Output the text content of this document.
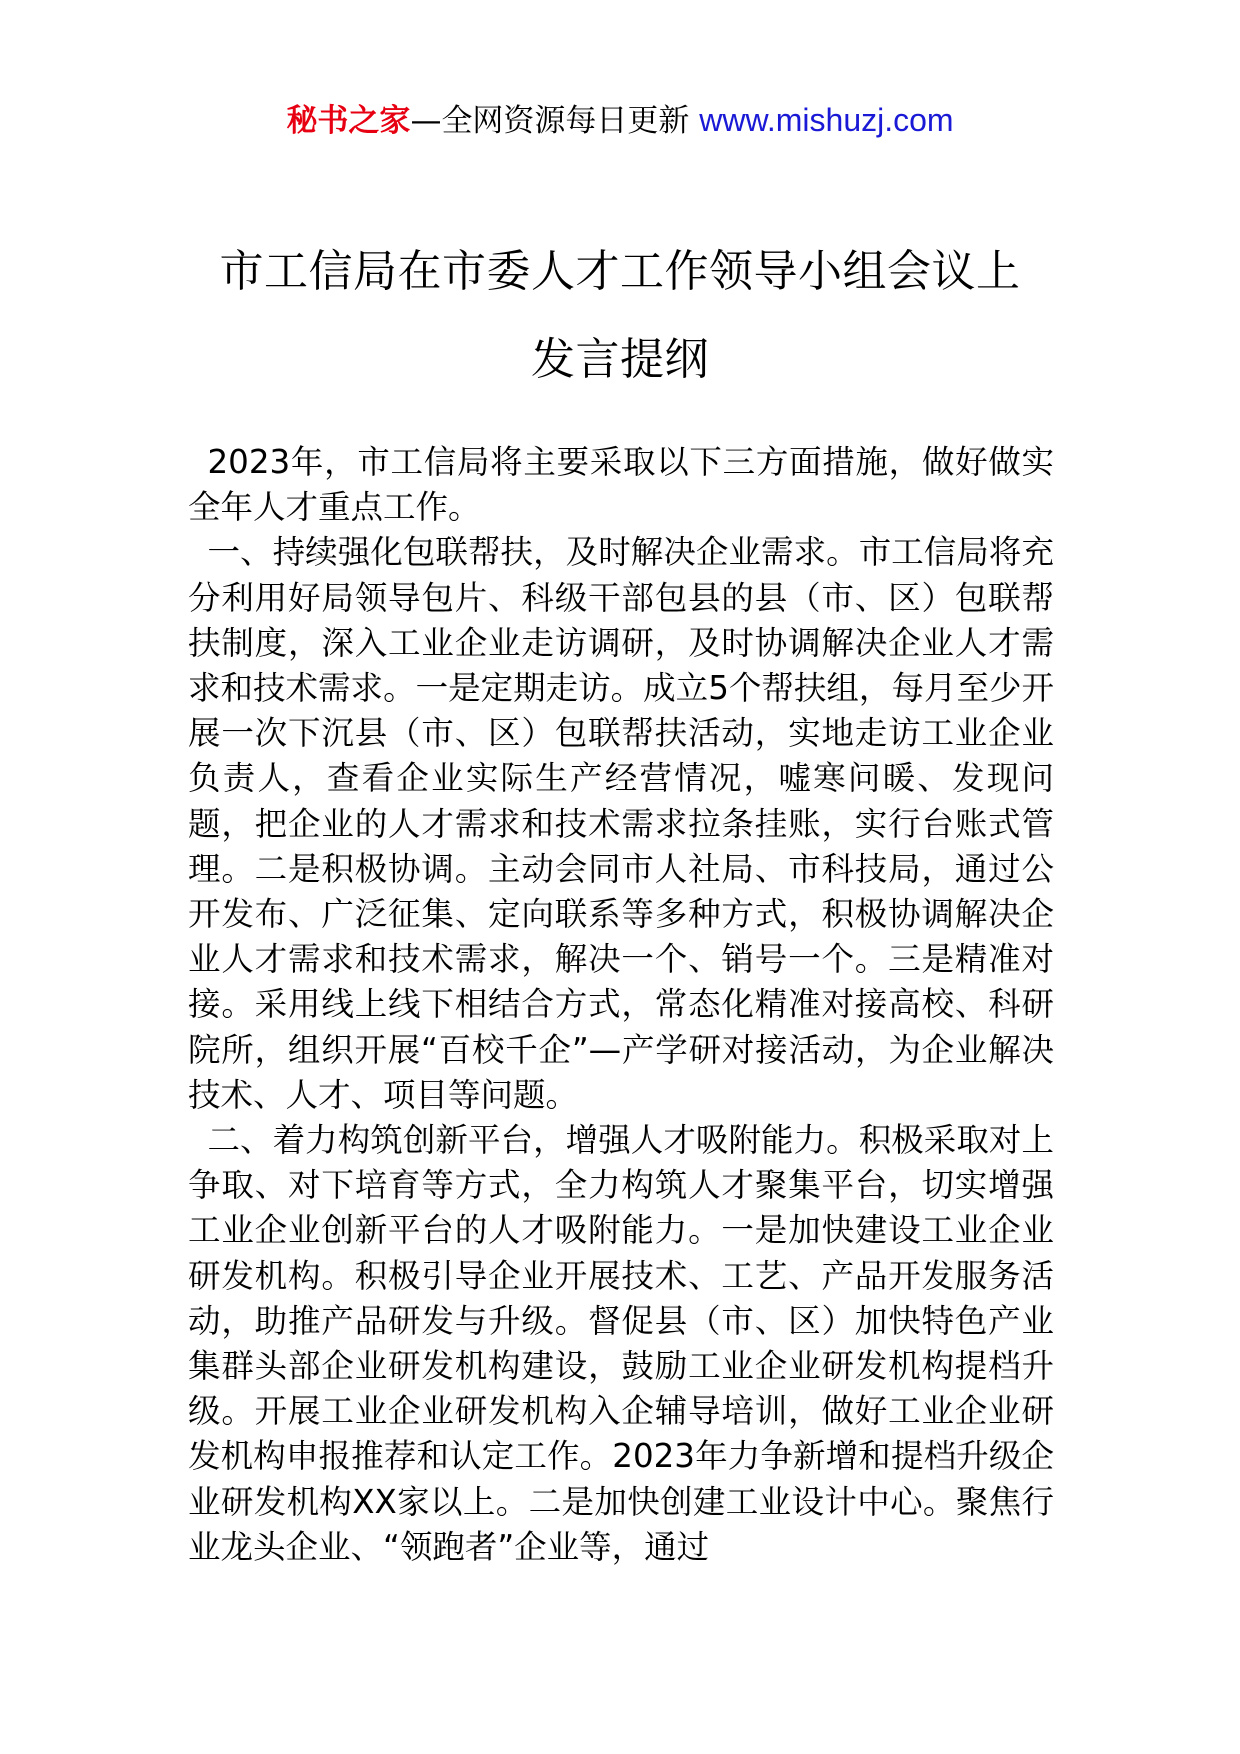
秘书之家—全网资源每日更新 www.mishuzj.com
市工信局在市委人才工作领导小组会议上
发言提纲

2023年，市工信局将主要采取以下三方面措施，做好做实全年人才重点工作。

一、持续强化包联帮扶，及时解决企业需求。市工信局将充分利用好局领导包片、科级干部包县的县（市、区）包联帮扶制度，深入工业企业走访调研，及时协调解决企业人才需求和技术需求。一是定期走访。成立5个帮扶组，每月至少开展一次下沉县（市、区）包联帮扶活动，实地走访工业企业负责人，查看企业实际生产经营情况，嘘寒问暖、发现问题，把企业的人才需求和技术需求拉条挂账，实行台账式管理。二是积极协调。主动会同市人社局、市科技局，通过公开发布、广泛征集、定向联系等多种方式，积极协调解决企业人才需求和技术需求，解决一个、销号一个。三是精准对接。采用线上线下相结合方式，常态化精准对接高校、科研院所，组织开展“百校千企”—产学研对接活动，为企业解决技术、人才、项目等问题。

二、着力构筑创新平台，增强人才吸附能力。积极采取对上争取、对下培育等方式，全力构筑人才聚集平台，切实增强工业企业创新平台的人才吸附能力。一是加快建设工业企业研发机构。积极引导企业开展技术、工艺、产品开发服务活动，助推产品研发与升级。督促县（市、区）加快特色产业集群头部企业研发机构建设，鼓励工业企业研发机构提档升级。开展工业企业研发机构入企辅导培训，做好工业企业研发机构申报推荐和认定工作。2023年力争新增和提档升级企业研发机构XX家以上。二是加快创建工业设计中心。聚焦行业龙头企业、“领跑者”企业等，通过
